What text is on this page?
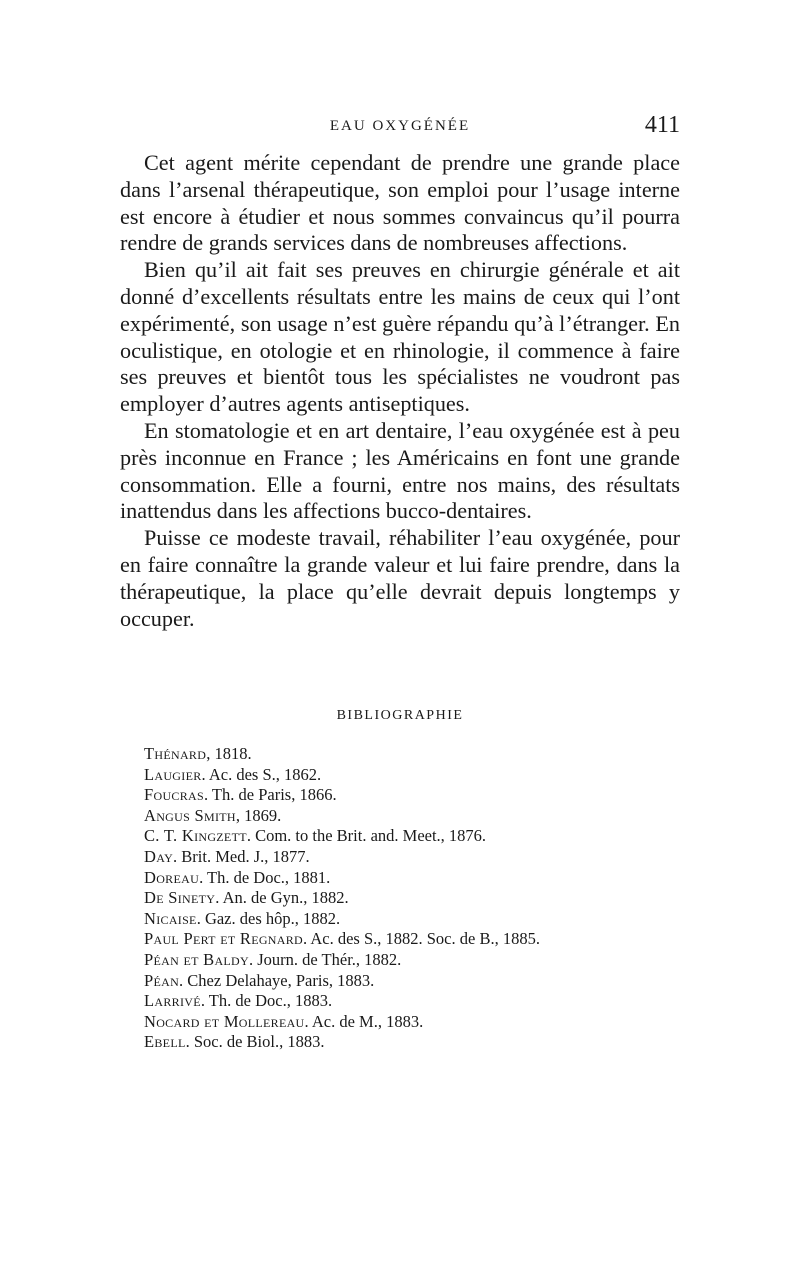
EAU OXYGÉNÉE	411

Cet agent mérite cependant de prendre une grande place dans l’arsenal thérapeutique, son emploi pour l’usage interne est encore à étudier et nous sommes convaincus qu’il pourra rendre de grands services dans de nombreuses affections.

Bien qu’il ait fait ses preuves en chirurgie générale et ait donné d’excellents résultats entre les mains de ceux qui l’ont expérimenté, son usage n’est guère répandu qu’à l’étranger. En oculistique, en otologie et en rhinologie, il commence à faire ses preuves et bientôt tous les spécialistes ne voudront pas employer d’autres agents antiseptiques.

En stomatologie et en art dentaire, l’eau oxygénée est à peu près inconnue en France ; les Américains en font une grande consommation. Elle a fourni, entre nos mains, des résultats inattendus dans les affections bucco-dentaires.

Puisse ce modeste travail, réhabiliter l’eau oxygénée, pour en faire connaître la grande valeur et lui faire prendre, dans la thérapeutique, la place qu’elle devrait depuis longtemps y occuper.

BIBLIOGRAPHIE
Thénard, 1818.
Laugier. Ac. des S., 1862.
Foucras. Th. de Paris, 1866.
Angus Smith, 1869.
C. T. Kingzett. Com. to the Brit. and. Meet., 1876.
Day. Brit. Med. J., 1877.
Doreau. Th. de Doc., 1881.
De Sinety. An. de Gyn., 1882.
Nicaise. Gaz. des hôp., 1882.
Paul Pert et Regnard. Ac. des S., 1882. Soc. de B., 1885.
Péan et Baldy. Journ. de Thér., 1882.
Péan. Chez Delahaye, Paris, 1883.
Larrivé. Th. de Doc., 1883.
Nocard et Mollereau. Ac. de M., 1883.
Ebell. Soc. de Biol., 1883.
